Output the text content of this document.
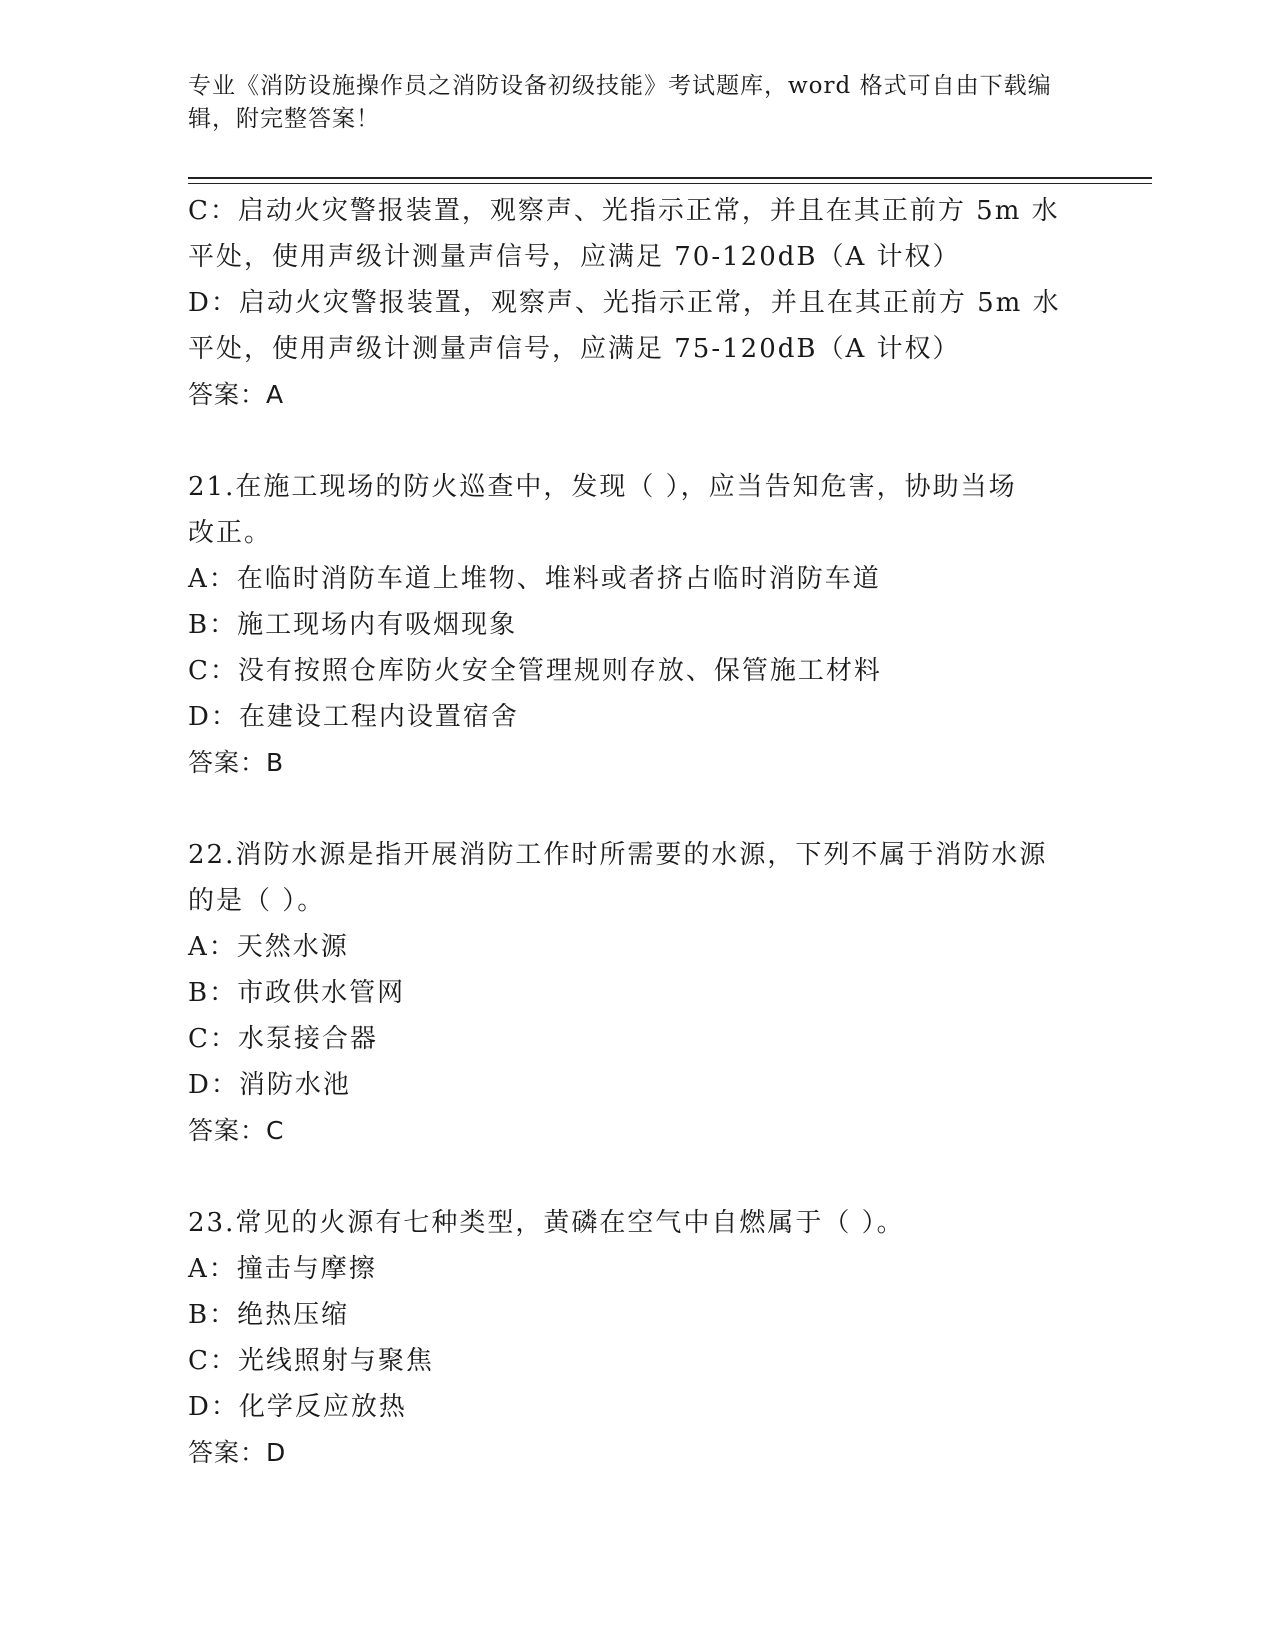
专业《消防设施操作员之消防设备初级技能》考试题库，word 格式可自由下载编
辑，附完整答案！
C：启动火灾警报装置，观察声、光指示正常，并且在其正前方 5m 水
平处，使用声级计测量声信号，应满足 70-120dB（A 计权）
D：启动火灾警报装置，观察声、光指示正常，并且在其正前方 5m 水
平处，使用声级计测量声信号，应满足 75-120dB（A 计权）
答案：A
21.在施工现场的防火巡查中，发现（ ），应当告知危害，协助当场
改正。
A：在临时消防车道上堆物、堆料或者挤占临时消防车道
B：施工现场内有吸烟现象
C：没有按照仓库防火安全管理规则存放、保管施工材料
D：在建设工程内设置宿舍
答案：B
22.消防水源是指开展消防工作时所需要的水源，下列不属于消防水源
的是（ ）。
A：天然水源
B：市政供水管网
C：水泵接合器
D：消防水池
答案：C
23.常见的火源有七种类型，黄磷在空气中自燃属于（ ）。
A：撞击与摩擦
B：绝热压缩
C：光线照射与聚焦
D：化学反应放热
答案：D
